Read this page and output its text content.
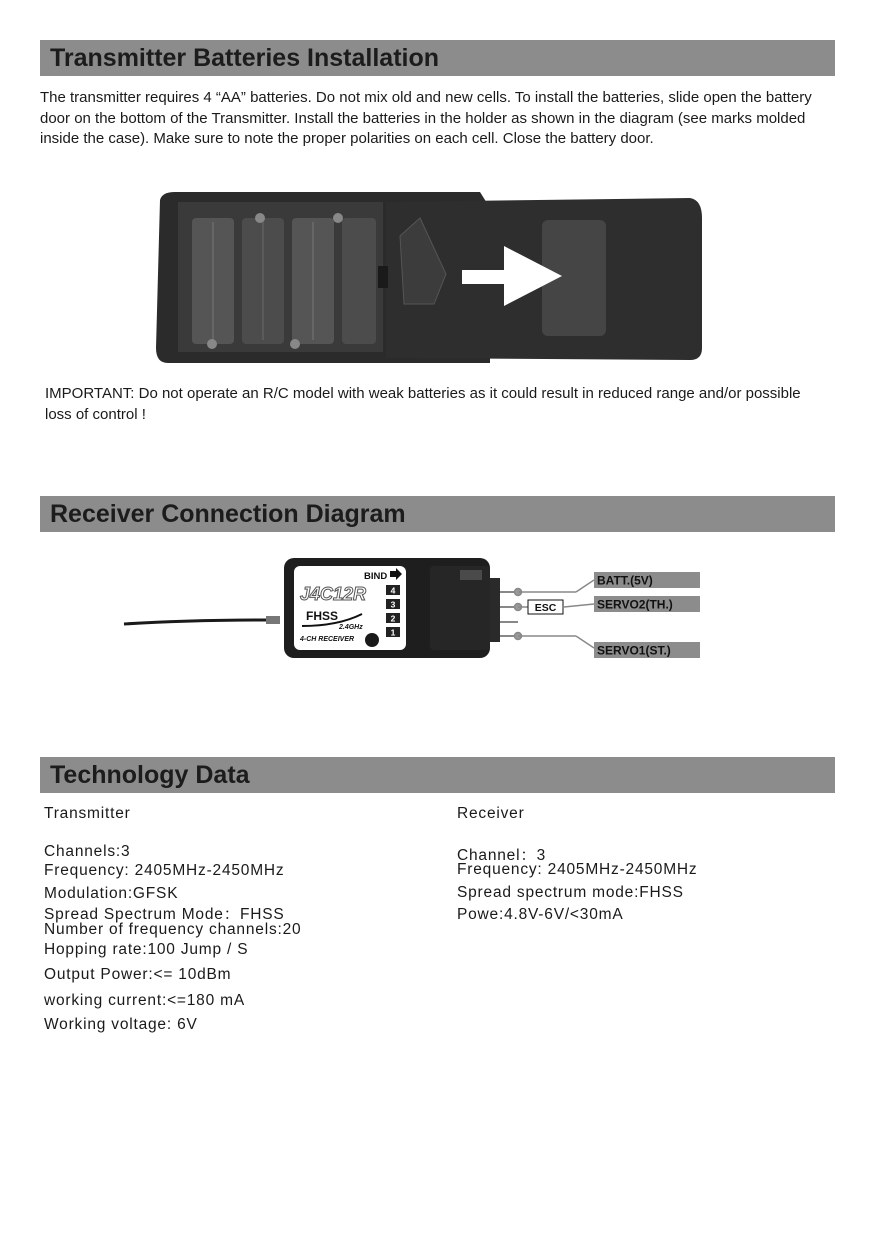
Transmitter Batteries Installation

The transmitter requires 4 “AA” batteries. Do not mix old and new cells. To install the batteries, slide open the battery door on the bottom of the Transmitter. Install the batteries in the holder as shown in the diagram (see marks molded inside the case). Make sure to note the proper polarities on each cell. Close the battery door.

IMPORTANT: Do not operate an R/C model with weak batteries as it could result in reduced range and/or possible loss of control !

Receiver Connection Diagram
BIND
J4C12R
FHSS
2.4GHz
4-CH RECEIVER
4
3
2
1
ESC
BATT.(5V)
SERVO2(TH.)
SERVO1(ST.)
Technology Data
Transmitter
Channels:3
Frequency: 2405MHz-2450MHz
Modulation:GFSK
Spread Spectrum Mode：FHSS
Number of frequency channels:20
Hopping rate:100 Jump / S
Output Power:<= 10dBm
working current:<=180 mA
Working voltage: 6V
Receiver
Channel：3
Frequency: 2405MHz-2450MHz
Spread spectrum mode:FHSS
Powe:4.8V-6V/<30mA
